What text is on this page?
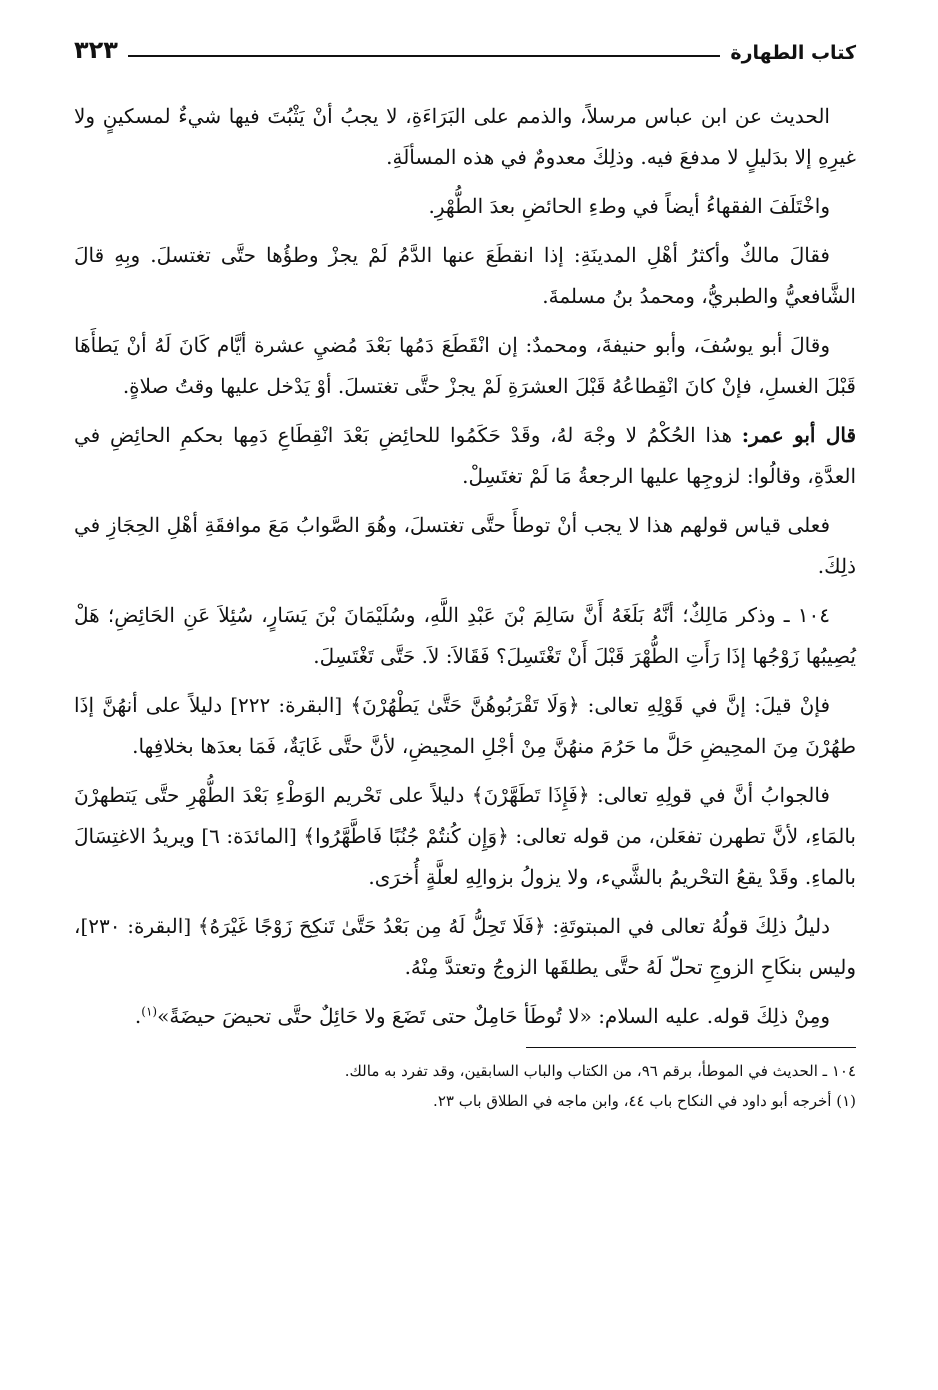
كتاب الطهارة
٣٢٣

الحديث عن ابن عباس مرسلاً، والذمم على البَرَاءَةِ، لا يجبُ أنْ يَثْبُتَ فيها شيءٌ لمسكينٍ ولا غيرِهِ إلا بدَليلٍ لا مدفعَ فيه. وذلِكَ معدومٌ في هذه المسألَةِ.

واخْتَلَفَ الفقهاءُ أيضاً في وطءِ الحائضِ بعدَ الطُّهْرِ.

فقالَ مالكٌ وأكثرُ أهْلِ المدينَةِ: إذا انقطَعَ عنها الدَّمُ لَمْ يجزْ وطؤُها حتَّى تغتسلَ. وبِهِ قالَ الشَّافعيُّ والطبريُّ، ومحمدُ بنُ مسلمةَ.

وقالَ أبو يوسُفَ، وأبو حنيفةَ، ومحمدٌ: إن انْقَطَعَ دَمُها بَعْدَ مُضيِ عشرة أيَّام كَانَ لَهُ أنْ يَطأَهَا قَبْلَ الغسلِ، فإنْ كانَ انْقِطاعُهُ قَبْلَ العشرَةِ لَمْ يجزْ حتَّى تغتسلَ. أوْ يَدْخل عليها وقتُ صلاةٍ.

قال أبو عمر: هذا الحُكْمُ لا وجْهَ لهُ، وقَدْ حَكَمُوا للحائِضِ بَعْدَ انْقِطَاعِ دَمِها بحكمِ الحائِضِ في العدَّةِ، وقالُوا: لزوجِها عليها الرجعةُ مَا لَمْ تغتَسِلْ.

فعلى قياس قولهم هذا لا يجب أنْ توطأَ حتَّى تغتسلَ، وهُوَ الصَّوابُ مَعَ موافقَةِ أهْلِ الحِجَازِ في ذلِكَ.

١٠٤ ـ وذكر مَالِكٌ؛ أنَّهُ بَلَغَهُ أَنَّ سَالِمَ بْنَ عَبْدِ اللَّهِ، وسُلَيْمَانَ بْنَ يَسَارٍ، سُئِلاَ عَنِ الحَائِضِ؛ هَلْ يُصِيبُها زَوْجُها إذَا رَأَتِ الطُّهْرَ قَبْلَ أَنْ تَغْتَسِلَ؟ فَقَالاَ: لاَ. حَتَّى تَغْتَسِلَ.

فإنْ قيلَ: إنَّ في قَوْلِهِ تعالى: ﴿وَلَا تَقْرَبُوهُنَّ حَتَّىٰ يَطْهُرْنَ﴾ [البقرة: ٢٢٢] دليلاً على أنهُنَّ إذَا طهُرْنَ مِنَ المحِيضِ حَلَّ ما حَرُمَ منهُنَّ مِنْ أجْلِ المحِيضِ، لأنَّ حتَّى غَايَةٌ، فَمَا بعدَها بخلافِها.

فالجوابُ أنَّ في قولِهِ تعالى: ﴿فَإِذَا تَطَهَّرْنَ﴾ دليلاً على تَحْريم الوَطْءِ بَعْدَ الطُّهْرِ حتَّى يَتطهرْنَ بالمَاءِ، لأنَّ تطهرن تفعَلن، من قوله تعالى: ﴿وَإِن كُنتُمْ جُنُبًا فَاطَّهَّرُوا﴾ [المائدَة: ٦] ويريدُ الاغتِسَالَ بالماءِ. وقَدْ يقعُ التحْريمُ بالشَّيء، ولا يزولُ بزوالِهِ لعلَّةٍ أُخرَى.

دليلُ ذلِكَ قولُهُ تعالى في المبتوتَةِ: ﴿فَلَا تَحِلُّ لَهُ مِن بَعْدُ حَتَّىٰ تَنكِحَ زَوْجًا غَيْرَهُ﴾ [البقرة: ٢٣٠]، وليس بنكَاحِ الزوجِ تحلّ لَهُ حتَّى يطلقَها الزوجُ وتعتدَّ مِنْهُ.

ومِنْ ذلِكَ قوله. عليه السلام: «لا تُوطَأ حَامِلٌ حتى تَضَعَ ولا حَائِلٌ حتَّى تحيضَ حيضَةً»$^{(١)}$.

١٠٤ ـ الحديث في الموطأ، برقم ٩٦، من الكتاب والباب السابقين، وقد تفرد به مالك.

(١) أخرجه أبو داود في النكاح باب ٤٤، وابن ماجه في الطلاق باب ٢٣.
